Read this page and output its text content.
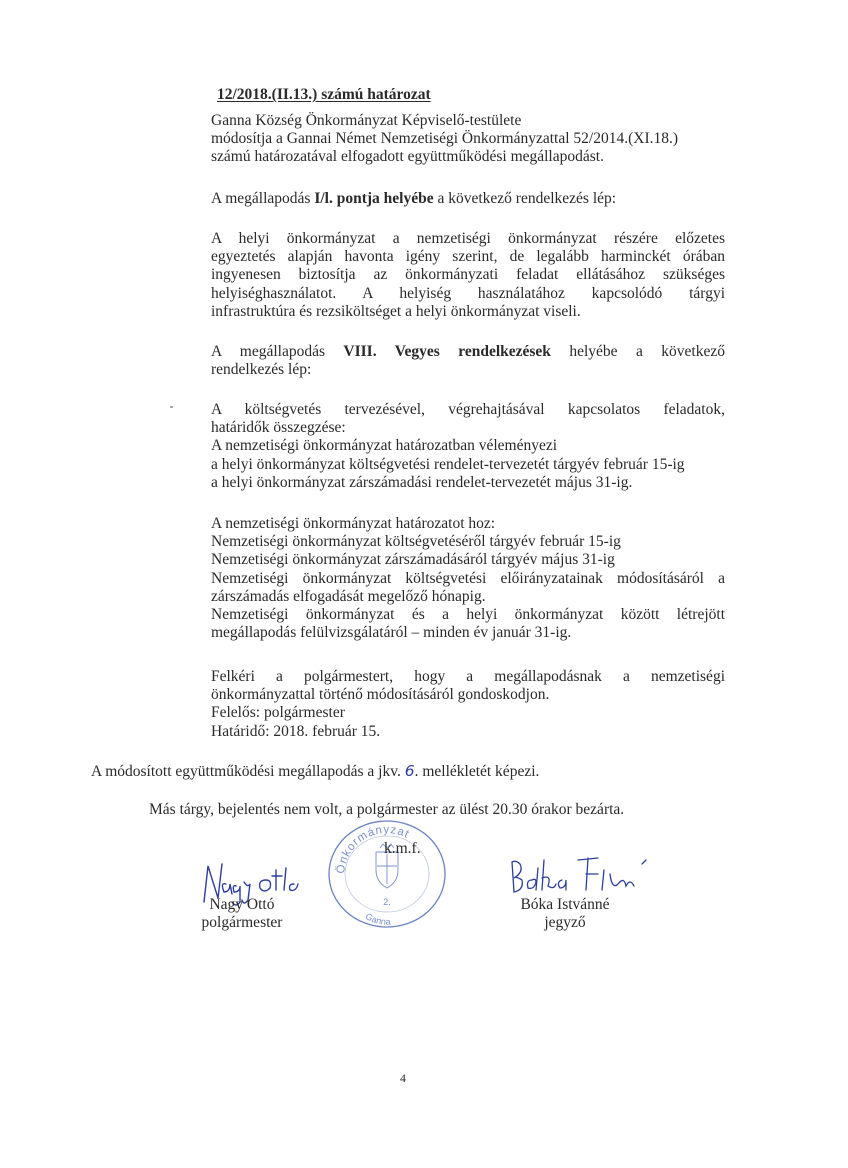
12/2018.(II.13.) számú határozat
Ganna Község Önkormányzat Képviselő-testülete
módosítja a Gannai Német Nemzetiségi Önkormányzattal 52/2014.(XI.18.)
számú határozatával elfogadott együttműködési megállapodást.
A megállapodás I/l. pontja helyébe a következő rendelkezés lép:
A helyi önkormányzat a nemzetiségi önkormányzat részére előzetes
egyeztetés alapján havonta igény szerint, de legalább harminckét órában
ingyenesen biztosítja az önkormányzati feladat ellátásához szükséges
helyiséghasználatot. A helyiség használatához kapcsolódó tárgyi
infrastruktúra és rezsiköltséget a helyi önkormányzat viseli.
A megállapodás VIII. Vegyes rendelkezések helyébe a következő
rendelkezés lép:
A költségvetés tervezésével, végrehajtásával kapcsolatos feladatok,
határidők összegzése:
A nemzetiségi önkormányzat határozatban véleményezi
a helyi önkormányzat költségvetési rendelet-tervezetét tárgyév február 15-ig
a helyi önkormányzat zárszámadási rendelet-tervezetét május 31-ig.
A nemzetiségi önkormányzat határozatot hoz:
Nemzetiségi önkormányzat költségvetéséről tárgyév február 15-ig
Nemzetiségi önkormányzat zárszámadásáról tárgyév május 31-ig
Nemzetiségi önkormányzat költségvetési előirányzatainak módosításáról a
zárszámadás elfogadását megelőző hónapig.
Nemzetiségi önkormányzat és a helyi önkormányzat között létrejött
megállapodás felülvizsgálatáról – minden év január 31-ig.
Felkéri a polgármestert, hogy a megállapodásnak a nemzetiségi
önkormányzattal történő módosításáról gondoskodjon.
Felelős: polgármester
Határidő: 2018. február 15.
A módosított együttműködési megállapodás a jkv. 6. mellékletét képezi.
Más tárgy, bejelentés nem volt, a polgármester az ülést 20.30 órakor bezárta.
Önkormányzat
2.
Ganna
k.m.f.
Nagy Ottó
polgármester
Bóka Istvánné
jegyző
4
